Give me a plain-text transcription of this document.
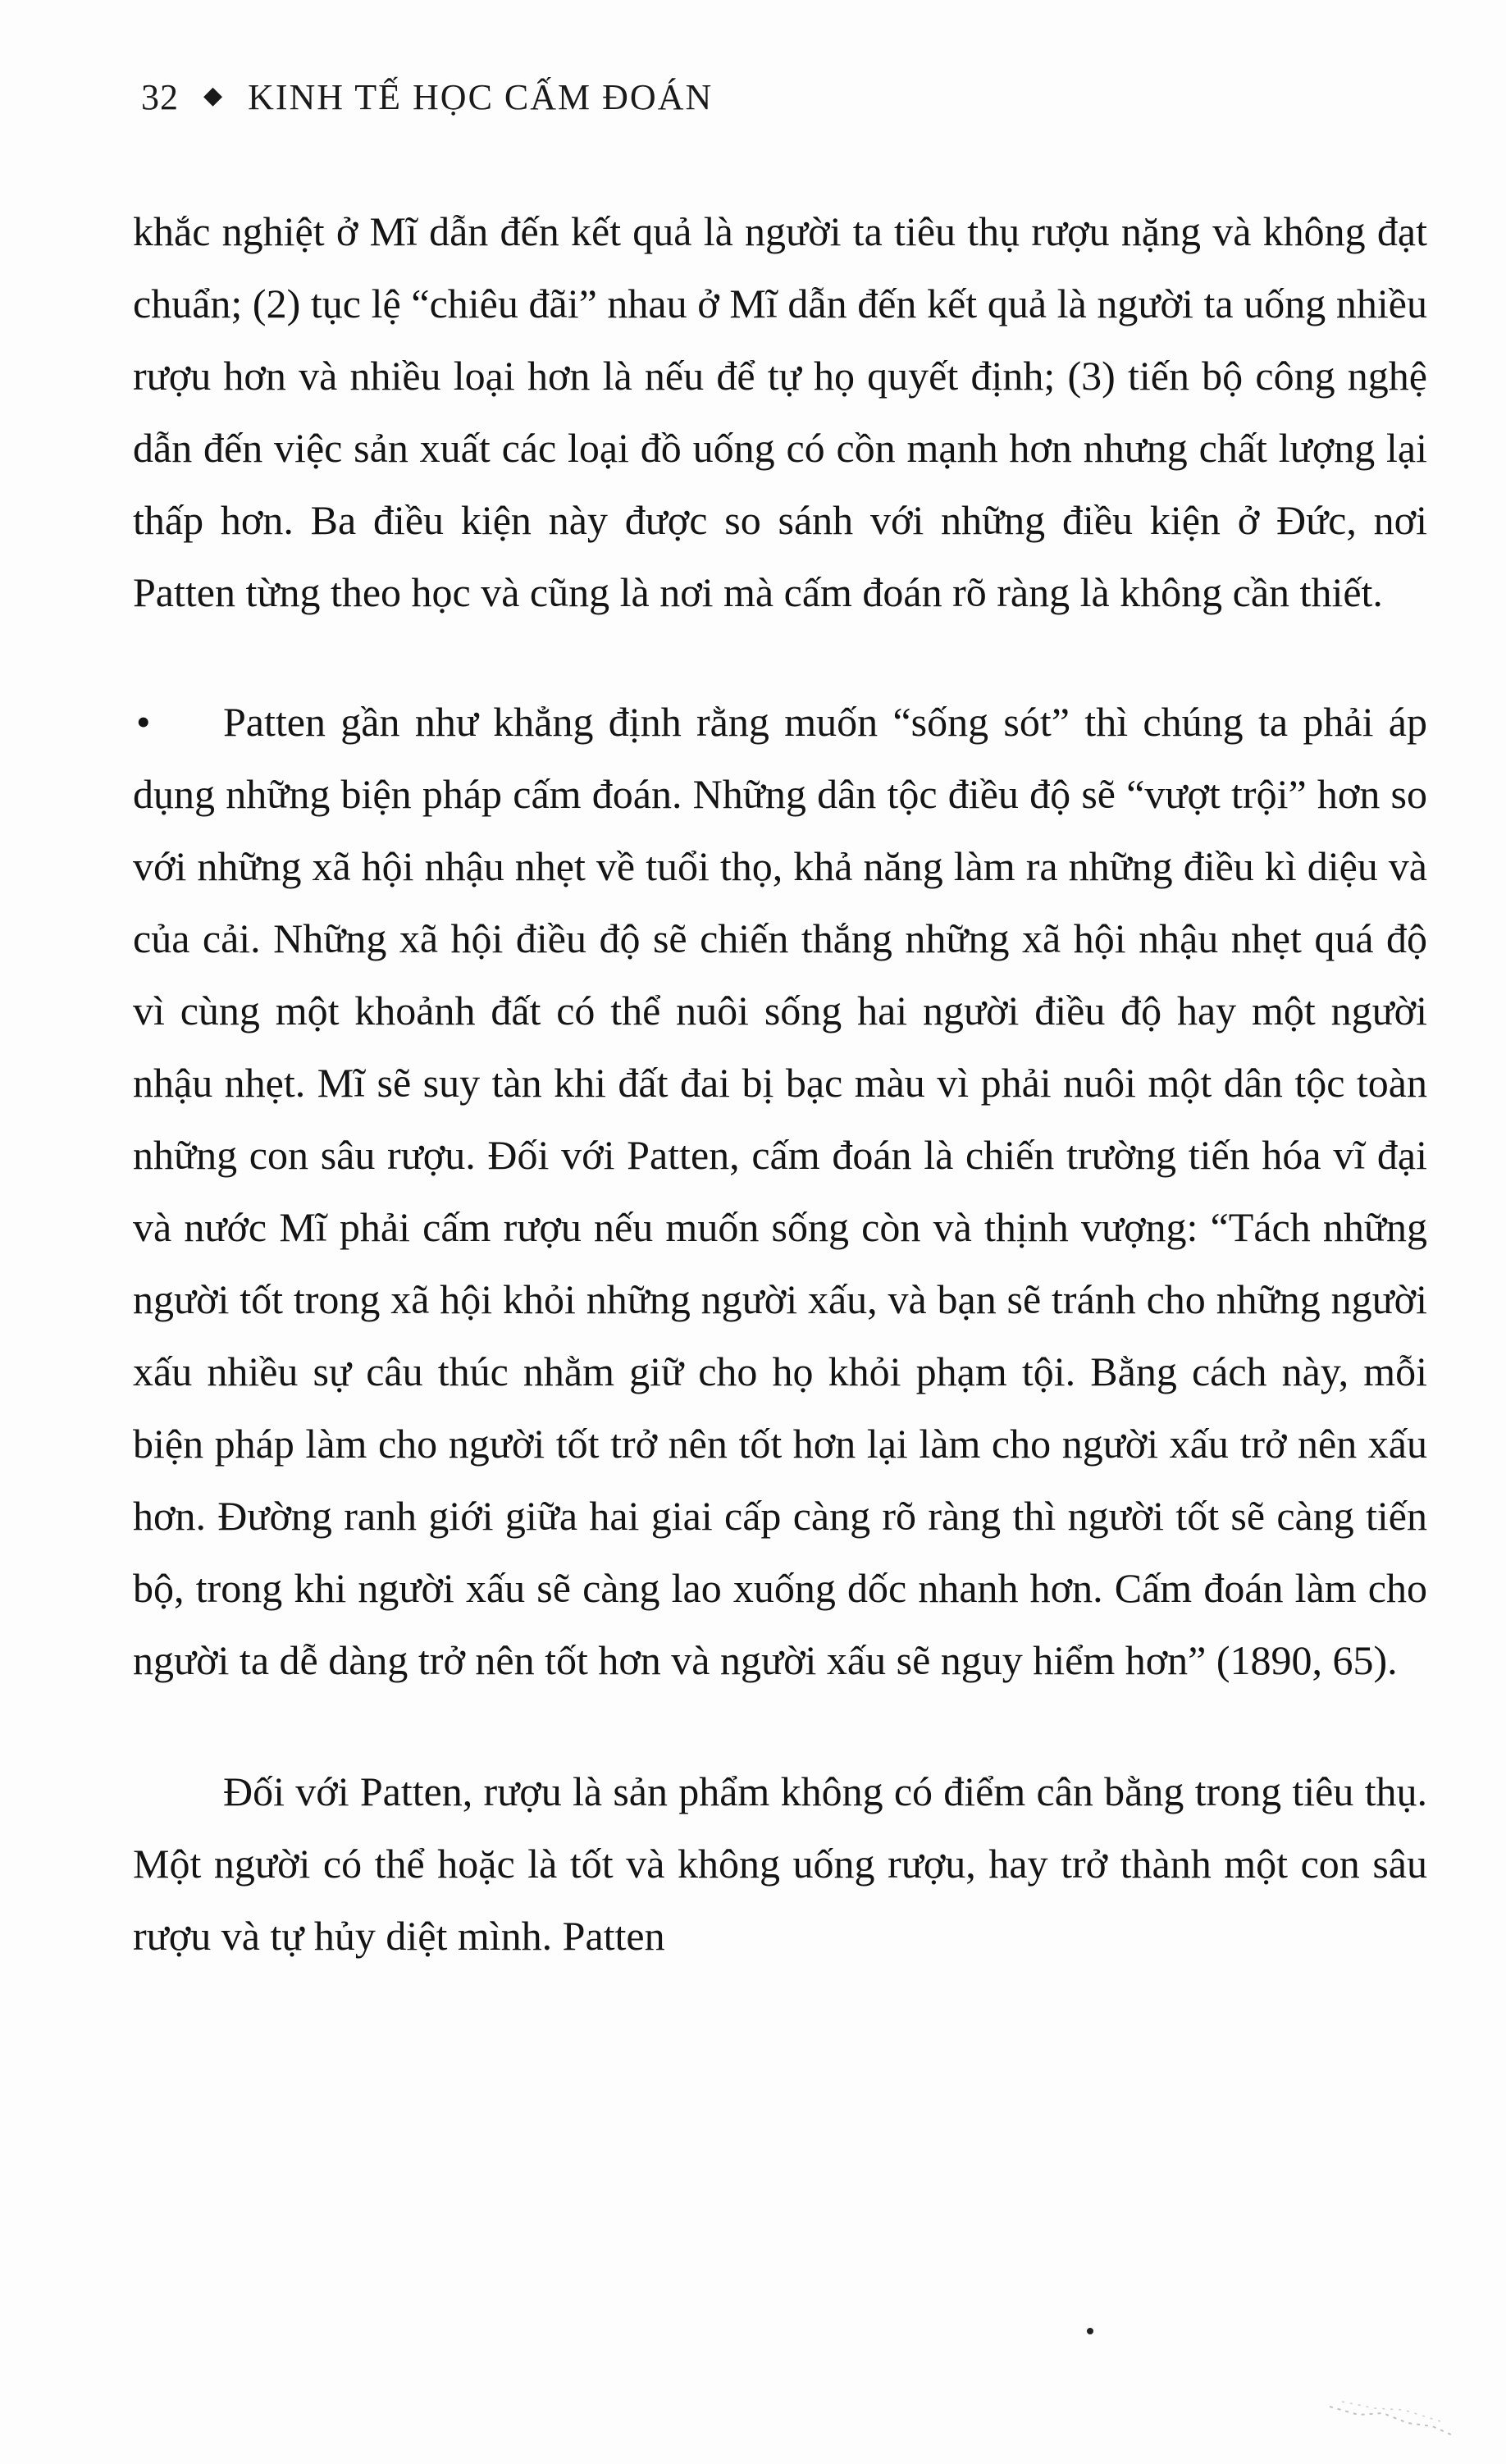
32 ◆ KINH TẾ HỌC CẤM ĐOÁN

khắc nghiệt ở Mĩ dẫn đến kết quả là người ta tiêu thụ rượu nặng và không đạt chuẩn; (2) tục lệ “chiêu đãi” nhau ở Mĩ dẫn đến kết quả là người ta uống nhiều rượu hơn và nhiều loại hơn là nếu để tự họ quyết định; (3) tiến bộ công nghệ dẫn đến việc sản xuất các loại đồ uống có cồn mạnh hơn nhưng chất lượng lại thấp hơn. Ba điều kiện này được so sánh với những điều kiện ở Đức, nơi Patten từng theo học và cũng là nơi mà cấm đoán rõ ràng là không cần thiết.

• Patten gần như khẳng định rằng muốn “sống sót” thì chúng ta phải áp dụng những biện pháp cấm đoán. Những dân tộc điều độ sẽ “vượt trội” hơn so với những xã hội nhậu nhẹt về tuổi thọ, khả năng làm ra những điều kì diệu và của cải. Những xã hội điều độ sẽ chiến thắng những xã hội nhậu nhẹt quá độ vì cùng một khoảnh đất có thể nuôi sống hai người điều độ hay một người nhậu nhẹt. Mĩ sẽ suy tàn khi đất đai bị bạc màu vì phải nuôi một dân tộc toàn những con sâu rượu. Đối với Patten, cấm đoán là chiến trường tiến hóa vĩ đại và nước Mĩ phải cấm rượu nếu muốn sống còn và thịnh vượng: “Tách những người tốt trong xã hội khỏi những người xấu, và bạn sẽ tránh cho những người xấu nhiều sự câu thúc nhằm giữ cho họ khỏi phạm tội. Bằng cách này, mỗi biện pháp làm cho người tốt trở nên tốt hơn lại làm cho người xấu trở nên xấu hơn. Đường ranh giới giữa hai giai cấp càng rõ ràng thì người tốt sẽ càng tiến bộ, trong khi người xấu sẽ càng lao xuống dốc nhanh hơn. Cấm đoán làm cho người ta dễ dàng trở nên tốt hơn và người xấu sẽ nguy hiểm hơn” (1890, 65).

Đối với Patten, rượu là sản phẩm không có điểm cân bằng trong tiêu thụ. Một người có thể hoặc là tốt và không uống rượu, hay trở thành một con sâu rượu và tự hủy diệt mình. Patten
